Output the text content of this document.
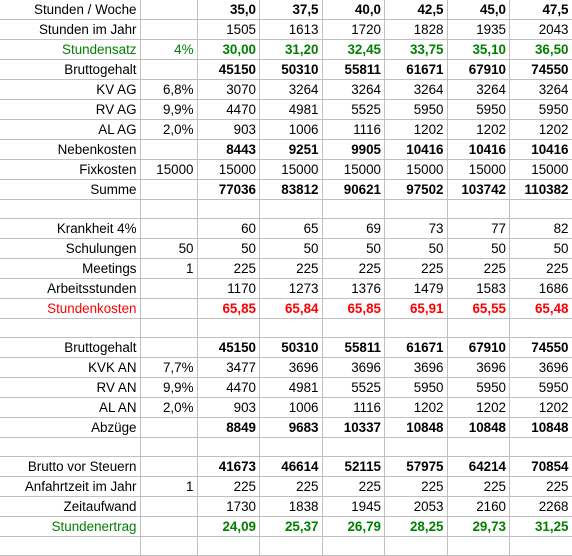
Stunden / Woche		35,0	37,5	40,0	42,5	45,0	47,5
Stunden im Jahr		1505	1613	1720	1828	1935	2043
Stundensatz	4%	30,00	31,20	32,45	33,75	35,10	36,50
Bruttogehalt		45150	50310	55811	61671	67910	74550
KV AG	6,8%	3070	3264	3264	3264	3264	3264
RV AG	9,9%	4470	4981	5525	5950	5950	5950
AL AG	2,0%	903	1006	1116	1202	1202	1202
Nebenkosten		8443	9251	9905	10416	10416	10416
Fixkosten	15000	15000	15000	15000	15000	15000	15000
Summe		77036	83812	90621	97502	103742	110382

Krankheit 4%		60	65	69	73	77	82
Schulungen	50	50	50	50	50	50	50
Meetings	1	225	225	225	225	225	225
Arbeitsstunden		1170	1273	1376	1479	1583	1686
Stundenkosten		65,85	65,84	65,85	65,91	65,55	65,48

Bruttogehalt		45150	50310	55811	61671	67910	74550
KVK AN	7,7%	3477	3696	3696	3696	3696	3696
RV AN	9,9%	4470	4981	5525	5950	5950	5950
AL AN	2,0%	903	1006	1116	1202	1202	1202
Abzüge		8849	9683	10337	10848	10848	10848

Brutto vor Steuern		41673	46614	52115	57975	64214	70854
Anfahrtzeit im Jahr	1	225	225	225	225	225	225
Zeitaufwand		1730	1838	1945	2053	2160	2268
Stundenertrag		24,09	25,37	26,79	28,25	29,73	31,25
